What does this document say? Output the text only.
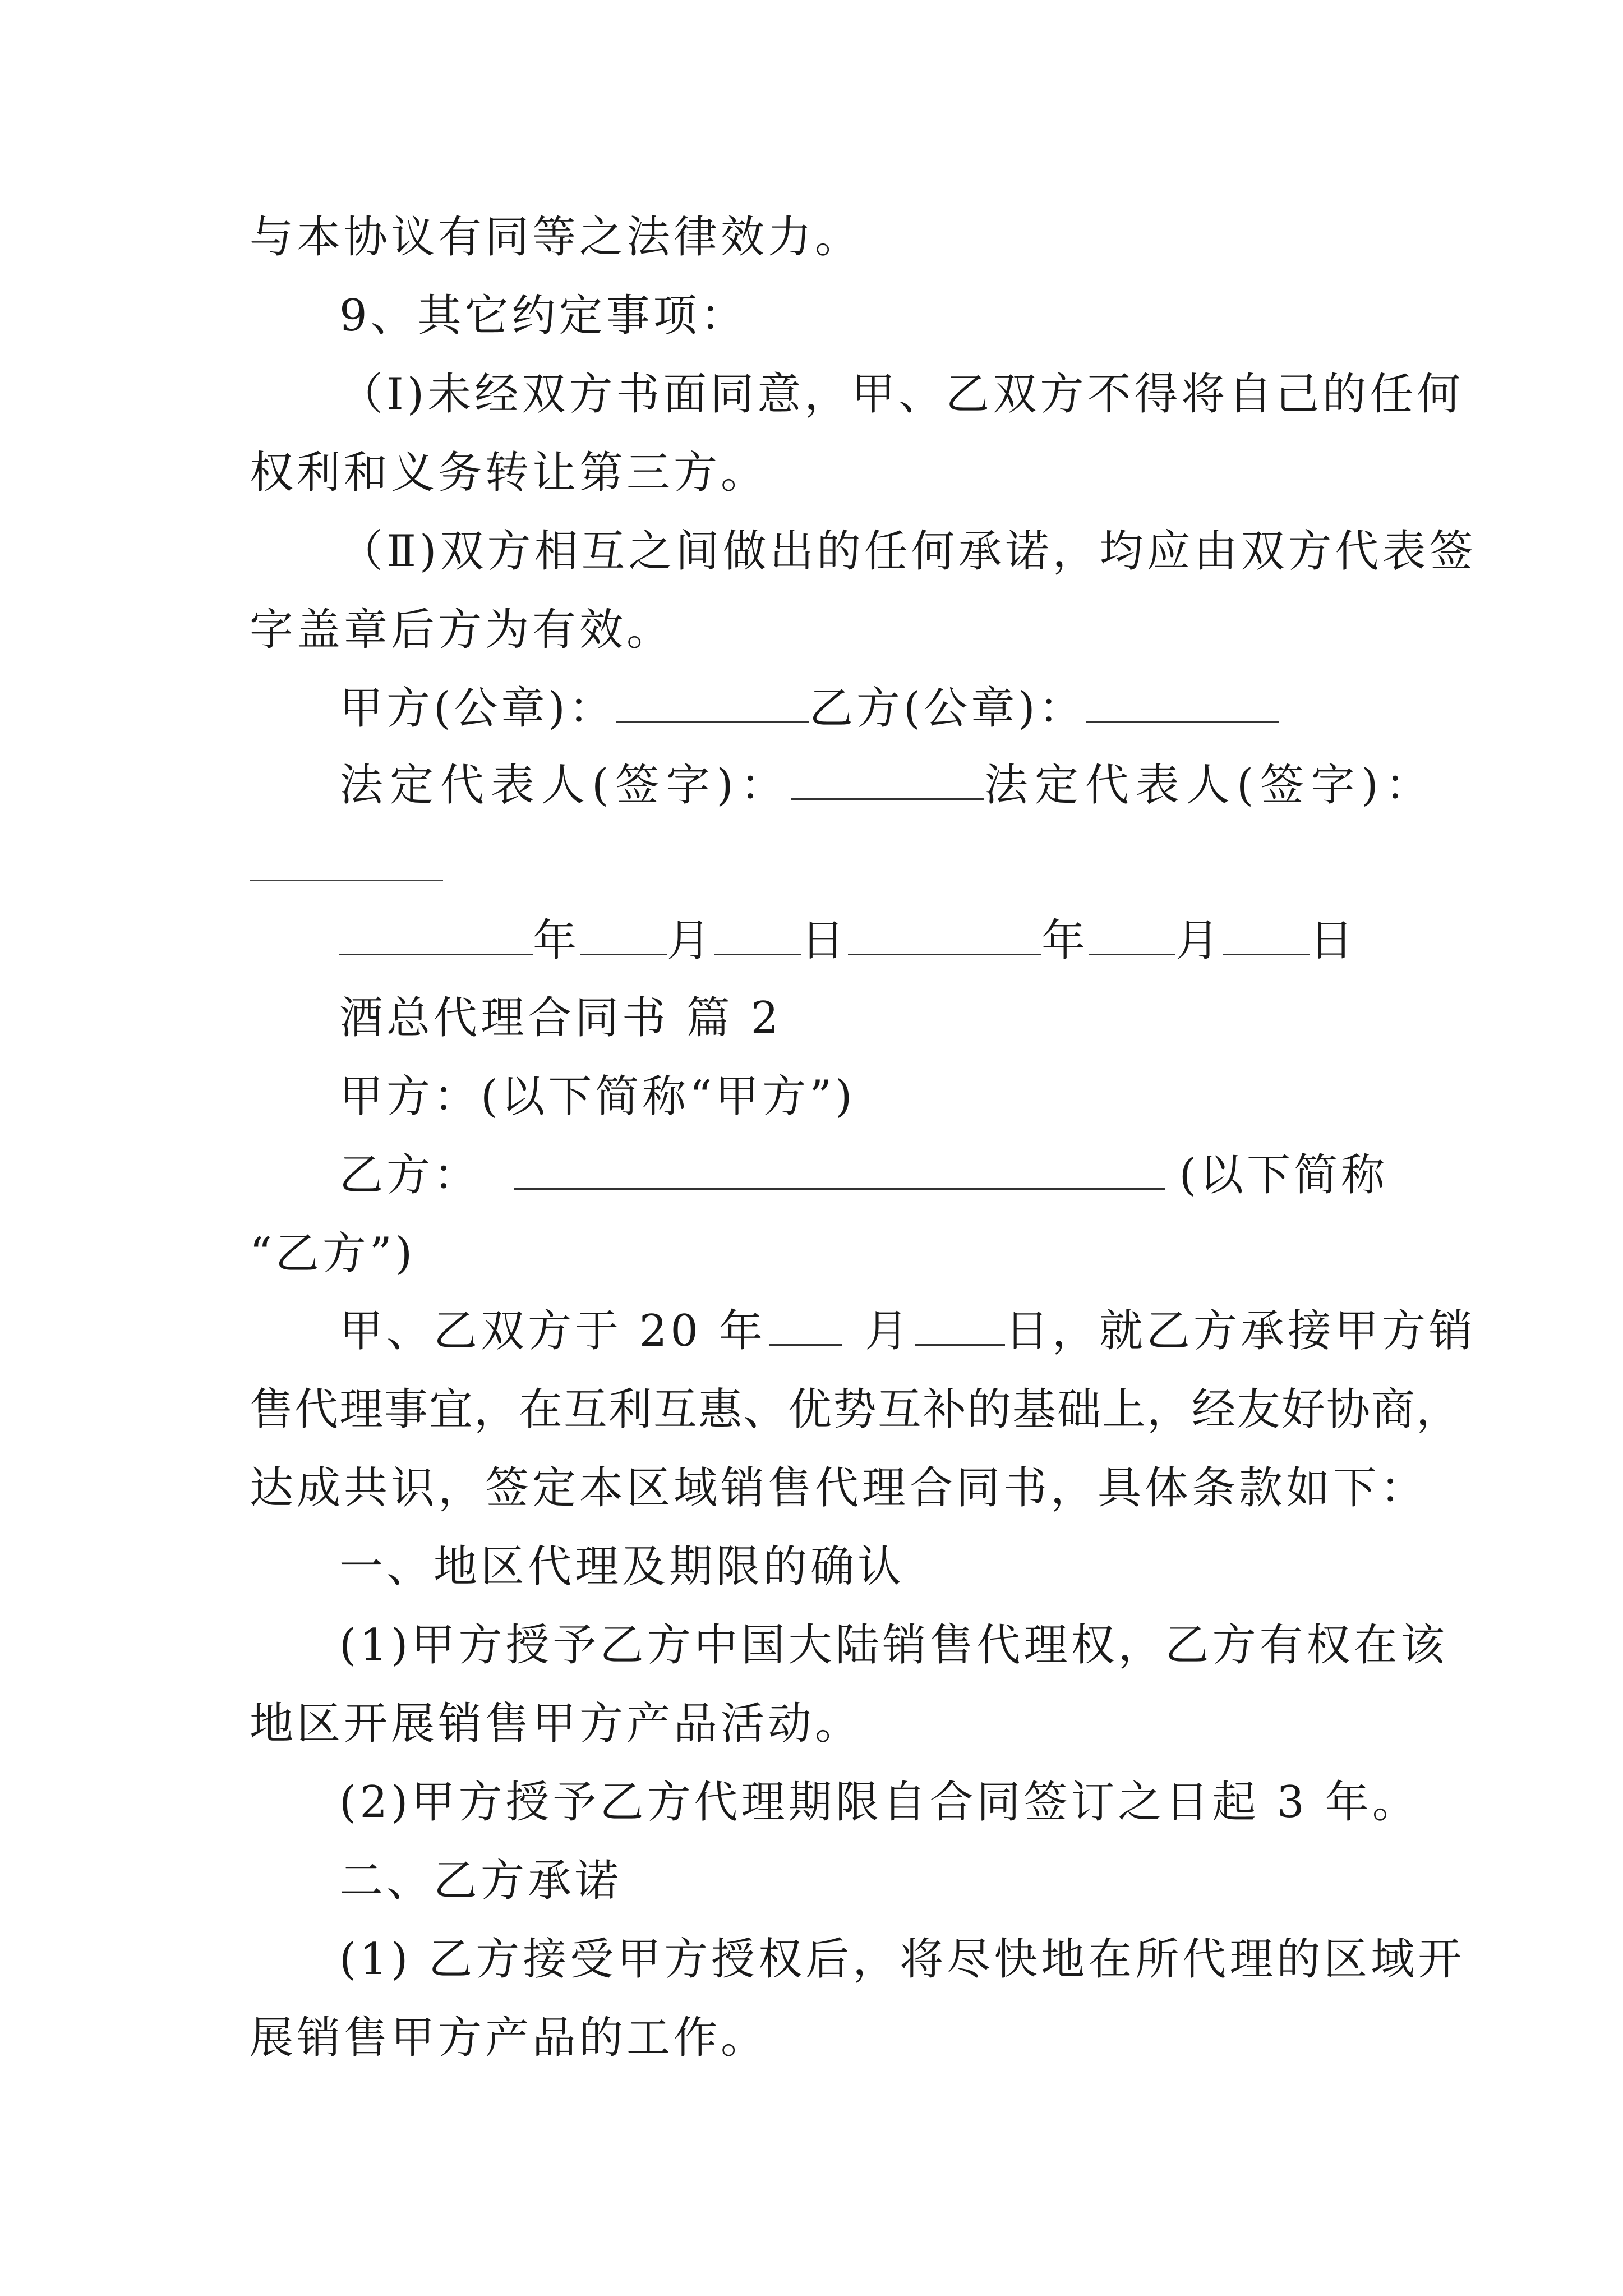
与本协议有同等之法律效力。
9、其它约定事项：
（Ⅰ)未经双方书面同意，甲、乙双方不得将自己的任何
权利和义务转让第三方。
（Ⅱ)双方相互之间做出的任何承诺，均应由双方代表签
字盖章后方为有效。
甲方(公章)：	乙方(公章)：
法定代表人(签字)：	法定代表人(签字)：
年 月 日	年 月 日
酒总代理合同书 篇 2
甲方：(以下简称“甲方”)
乙方：	(以下简称
“乙方”)
甲、乙双方于 20 年 月 日，就乙方承接甲方销
售代理事宜，在互利互惠、优势互补的基础上，经友好协商，
达成共识，签定本区域销售代理合同书，具体条款如下：
一、地区代理及期限的确认
(1)甲方授予乙方中国大陆销售代理权，乙方有权在该
地区开展销售甲方产品活动。
(2)甲方授予乙方代理期限自合同签订之日起 3 年。
二、乙方承诺
(1) 乙方接受甲方授权后，将尽快地在所代理的区域开
展销售甲方产品的工作。
